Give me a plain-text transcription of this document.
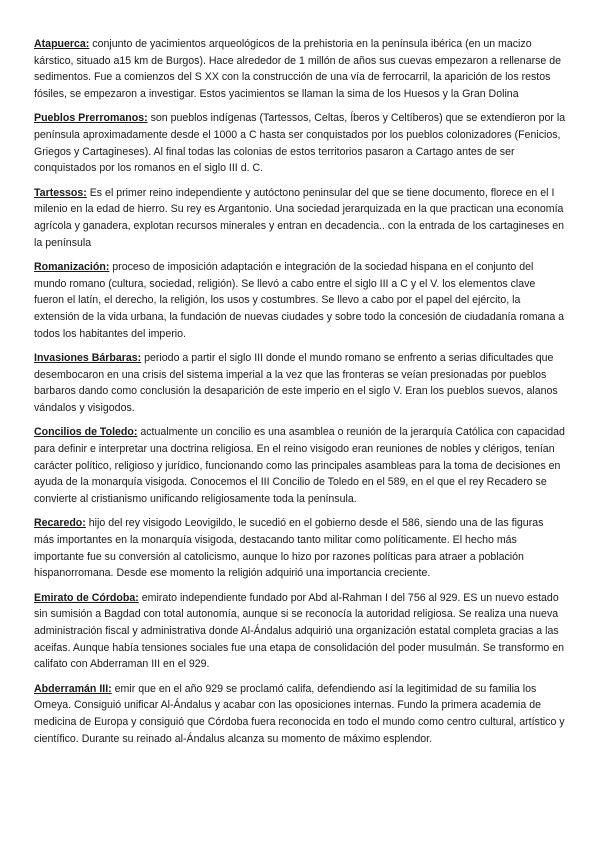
Atapuerca: conjunto de yacimientos arqueológicos de la prehistoria en la península ibérica (en un macizo kárstico, situado a15 km de Burgos). Hace alrededor de 1 millón de años sus cuevas empezaron a rellenarse de sedimentos. Fue a comienzos del S XX con la construcción de una vía de ferrocarril, la aparición de los restos fósiles, se empezaron a investigar. Estos yacimientos se llaman la sima de los Huesos y la Gran Dolina

Pueblos Prerromanos: son pueblos indígenas (Tartessos, Celtas, Íberos y Celtíberos) que se extendieron por la península aproximadamente desde el 1000 a C hasta ser conquistados por los pueblos colonizadores (Fenicios, Griegos y Cartagineses). Al final todas las colonias de estos territorios pasaron a Cartago antes de ser conquistados por los romanos en el siglo III d. C.

Tartessos: Es el primer reino independiente y autóctono peninsular del que se tiene documento, florece en el I milenio en la edad de hierro. Su rey es Argantonio. Una sociedad jerarquizada en la que practican una economía agrícola y ganadera, explotan recursos minerales y entran en decadencia.. con la entrada de los cartagineses en la península

Romanización: proceso de imposición adaptación e integración de la sociedad hispana en el conjunto del mundo romano (cultura, sociedad, religión). Se llevó a cabo entre el siglo III a C y el V. los elementos clave fueron el latín, el derecho, la religión, los usos y costumbres. Se llevo a cabo por el papel del ejército, la extensión de la vida urbana, la fundación de nuevas ciudades y sobre todo la concesión de ciudadanía romana a todos los habitantes del imperio.

Invasiones Bárbaras: periodo a partir el siglo III donde el mundo romano se enfrento a serias dificultades que desembocaron en una crisis del sistema imperial a la vez que las fronteras se veían presionadas por pueblos barbaros dando como conclusión la desaparición de este imperio en el siglo V. Eran los pueblos suevos, alanos vándalos y visigodos.

Concilios de Toledo: actualmente un concilio es una asamblea o reunión de la jerarquía Católica con capacidad para definir e interpretar una doctrina religiosa. En el reino visigodo eran reuniones de nobles y clérigos, tenían carácter político, religioso y jurídico, funcionando como las principales asambleas para la toma de decisiones en ayuda de la monarquía visigoda. Conocemos el III Concilio de Toledo en el 589, en el que el rey Recadero se convierte al cristianismo unificando religiosamente toda la península.

Recaredo: hijo del rey visigodo Leovigildo, le sucedió en el gobierno desde el 586, siendo una de las figuras más importantes en la monarquía visigoda, destacando tanto militar como políticamente. El hecho más importante fue su conversión al catolicismo, aunque lo hizo por razones políticas para atraer a población hispanorromana. Desde ese momento la religión adquirió una importancia creciente.

Emirato de Córdoba: emirato independiente fundado por Abd al-Rahman I del 756 al 929. ES un nuevo estado sin sumisión a Bagdad con total autonomía, aunque si se reconocía la autoridad religiosa. Se realiza una nueva administración fiscal y administrativa donde Al-Ándalus adquirió una organización estatal completa gracias a las aceifas. Aunque había tensiones sociales fue una etapa de consolidación del poder musulmán. Se transformo en califato con Abderraman III en el 929.

Abderramán III: emir que en el año 929 se proclamó califa, defendiendo así la legitimidad de su familia los Omeya. Consiguió unificar Al-Ándalus y acabar con las oposiciones internas. Fundo la primera academia de medicina de Europa y consiguió que Córdoba fuera reconocida en todo el mundo como centro cultural, artístico y científico. Durante su reinado al-Ándalus alcanza su momento de máximo esplendor.
